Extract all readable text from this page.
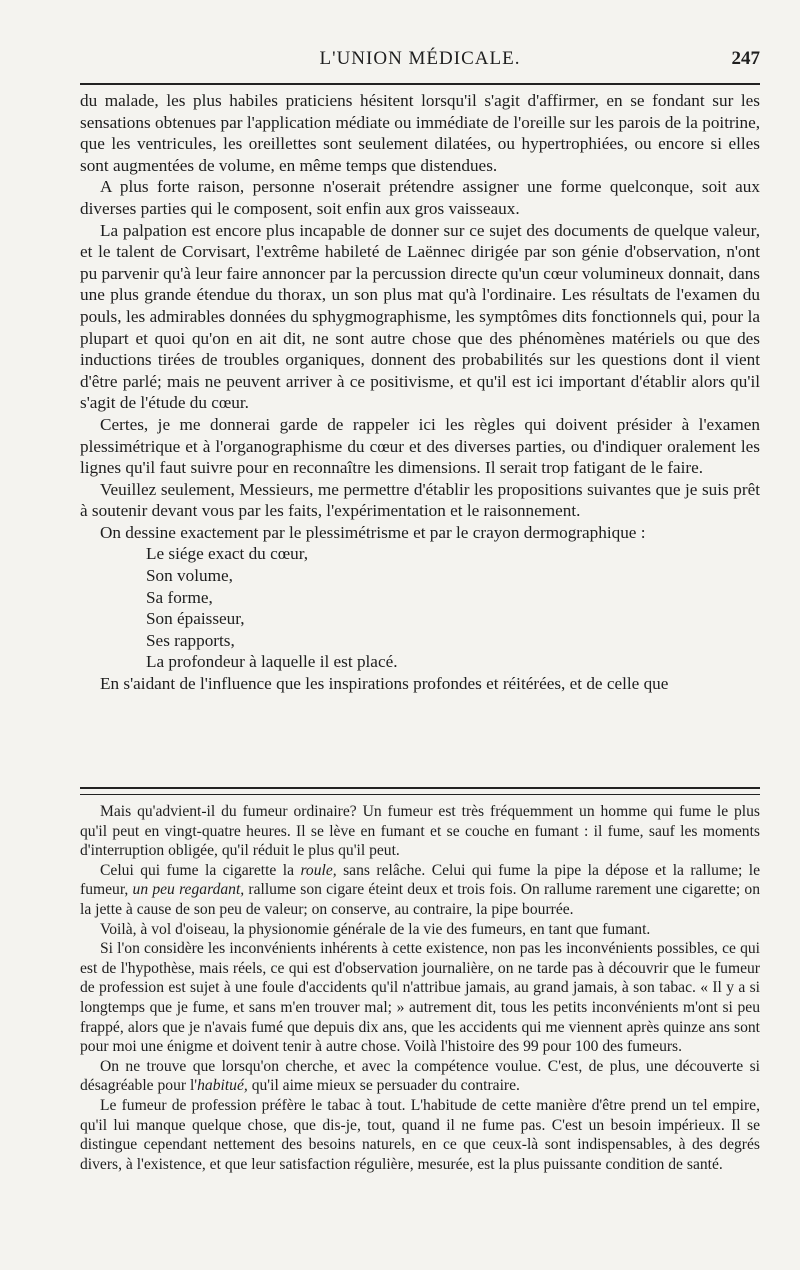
L'UNION MÉDICALE.	247

du malade, les plus habiles praticiens hésitent lorsqu'il s'agit d'affirmer, en se fondant sur les sensations obtenues par l'application médiate ou immédiate de l'oreille sur les parois de la poitrine, que les ventricules, les oreillettes sont seulement dilatées, ou hypertrophiées, ou encore si elles sont augmentées de volume, en même temps que distendues.

A plus forte raison, personne n'oserait prétendre assigner une forme quelconque, soit aux diverses parties qui le composent, soit enfin aux gros vaisseaux.

La palpation est encore plus incapable de donner sur ce sujet des documents de quelque valeur, et le talent de Corvisart, l'extrême habileté de Laënnec dirigée par son génie d'observation, n'ont pu parvenir qu'à leur faire annoncer par la percussion directe qu'un cœur volumineux donnait, dans une plus grande étendue du thorax, un son plus mat qu'à l'ordinaire. Les résultats de l'examen du pouls, les admirables données du sphygmographisme, les symptômes dits fonctionnels qui, pour la plupart et quoi qu'on en ait dit, ne sont autre chose que des phénomènes matériels ou que des inductions tirées de troubles organiques, donnent des probabilités sur les questions dont il vient d'être parlé; mais ne peuvent arriver à ce positivisme, et qu'il est ici important d'établir alors qu'il s'agit de l'étude du cœur.

Certes, je me donnerai garde de rappeler ici les règles qui doivent présider à l'examen plessimétrique et à l'organographisme du cœur et des diverses parties, ou d'indiquer oralement les lignes qu'il faut suivre pour en reconnaître les dimensions. Il serait trop fatigant de le faire.

Veuillez seulement, Messieurs, me permettre d'établir les propositions suivantes que je suis prêt à soutenir devant vous par les faits, l'expérimentation et le raisonnement.

On dessine exactement par le plessimétrisme et par le crayon dermographique :

Le siége exact du cœur,
Son volume,
Sa forme,
Son épaisseur,
Ses rapports,
La profondeur à laquelle il est placé.

En s'aidant de l'influence que les inspirations profondes et réitérées, et de celle que

Mais qu'advient-il du fumeur ordinaire? Un fumeur est très fréquemment un homme qui fume le plus qu'il peut en vingt-quatre heures. Il se lève en fumant et se couche en fumant : il fume, sauf les moments d'interruption obligée, qu'il réduit le plus qu'il peut.

Celui qui fume la cigarette la roule, sans relâche. Celui qui fume la pipe la dépose et la rallume; le fumeur, un peu regardant, rallume son cigare éteint deux et trois fois. On rallume rarement une cigarette; on la jette à cause de son peu de valeur; on conserve, au contraire, la pipe bourrée.

Voilà, à vol d'oiseau, la physionomie générale de la vie des fumeurs, en tant que fumant.

Si l'on considère les inconvénients inhérents à cette existence, non pas les inconvénients possibles, ce qui est de l'hypothèse, mais réels, ce qui est d'observation journalière, on ne tarde pas à découvrir que le fumeur de profession est sujet à une foule d'accidents qu'il n'attribue jamais, au grand jamais, à son tabac. « Il y a si longtemps que je fume, et sans m'en trouver mal; » autrement dit, tous les petits inconvénients m'ont si peu frappé, alors que je n'avais fumé que depuis dix ans, que les accidents qui me viennent après quinze ans sont pour moi une énigme et doivent tenir à autre chose. Voilà l'histoire des 99 pour 100 des fumeurs.

On ne trouve que lorsqu'on cherche, et avec la compétence voulue. C'est, de plus, une découverte si désagréable pour l'habitué, qu'il aime mieux se persuader du contraire.

Le fumeur de profession préfère le tabac à tout. L'habitude de cette manière d'être prend un tel empire, qu'il lui manque quelque chose, que dis-je, tout, quand il ne fume pas. C'est un besoin impérieux. Il se distingue cependant nettement des besoins naturels, en ce que ceux-là sont indispensables, à des degrés divers, à l'existence, et que leur satisfaction régulière, mesurée, est la plus puissante condition de santé.
